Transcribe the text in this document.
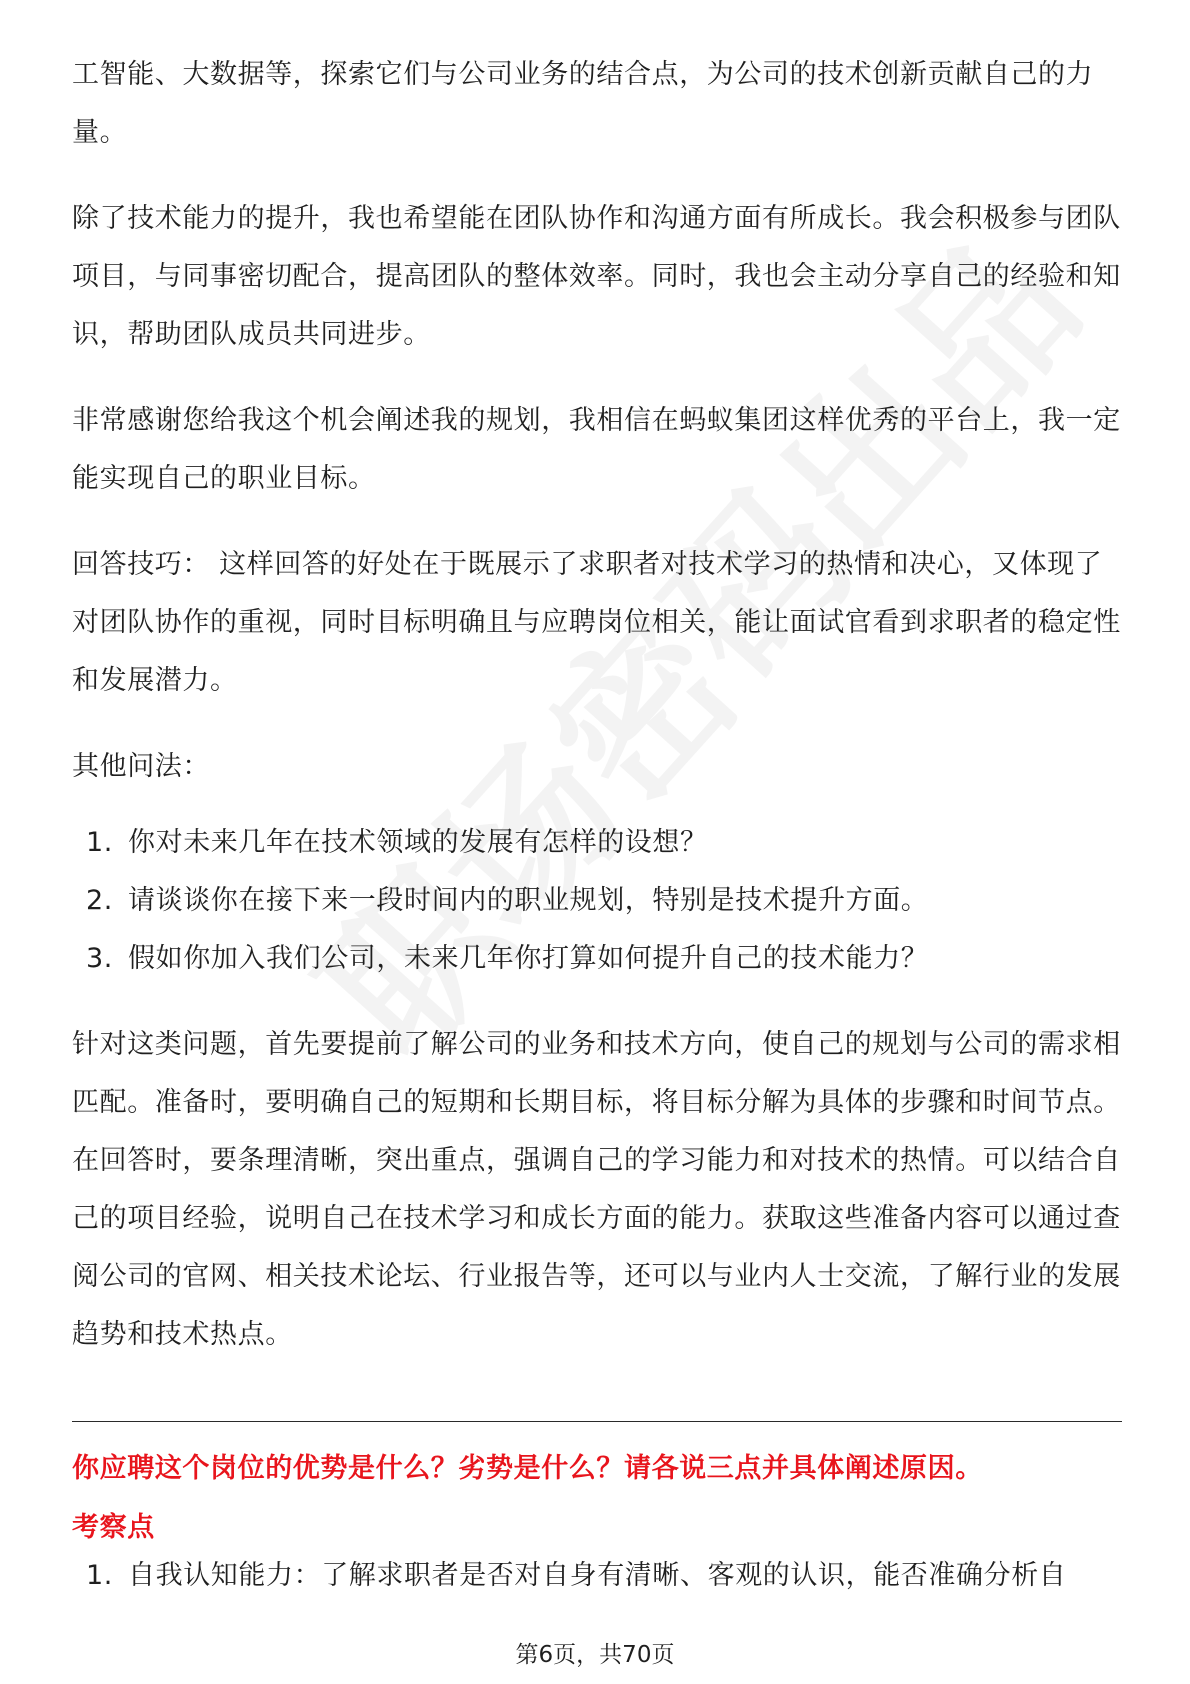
工智能、大数据等，探索它们与公司业务的结合点，为公司的技术创新贡献自己的力量。

除了技术能力的提升，我也希望能在团队协作和沟通方面有所成长。我会积极参与团队项目，与同事密切配合，提高团队的整体效率。同时，我也会主动分享自己的经验和知识，帮助团队成员共同进步。

非常感谢您给我这个机会阐述我的规划，我相信在蚂蚁集团这样优秀的平台上，我一定能实现自己的职业目标。

回答技巧： 这样回答的好处在于既展示了求职者对技术学习的热情和决心，又体现了对团队协作的重视，同时目标明确且与应聘岗位相关，能让面试官看到求职者的稳定性和发展潜力。

其他问法：

1. 你对未来几年在技术领域的发展有怎样的设想？
2. 请谈谈你在接下来一段时间内的职业规划，特别是技术提升方面。
3. 假如你加入我们公司，未来几年你打算如何提升自己的技术能力？

针对这类问题，首先要提前了解公司的业务和技术方向，使自己的规划与公司的需求相匹配。准备时，要明确自己的短期和长期目标，将目标分解为具体的步骤和时间节点。在回答时，要条理清晰，突出重点，强调自己的学习能力和对技术的热情。可以结合自己的项目经验，说明自己在技术学习和成长方面的能力。获取这些准备内容可以通过查阅公司的官网、相关技术论坛、行业报告等，还可以与业内人士交流，了解行业的发展趋势和技术热点。

你应聘这个岗位的优势是什么？劣势是什么？请各说三点并具体阐述原因。
考察点
1. 自我认知能力：了解求职者是否对自身有清晰、客观的认识，能否准确分析自
第6页，共70页
